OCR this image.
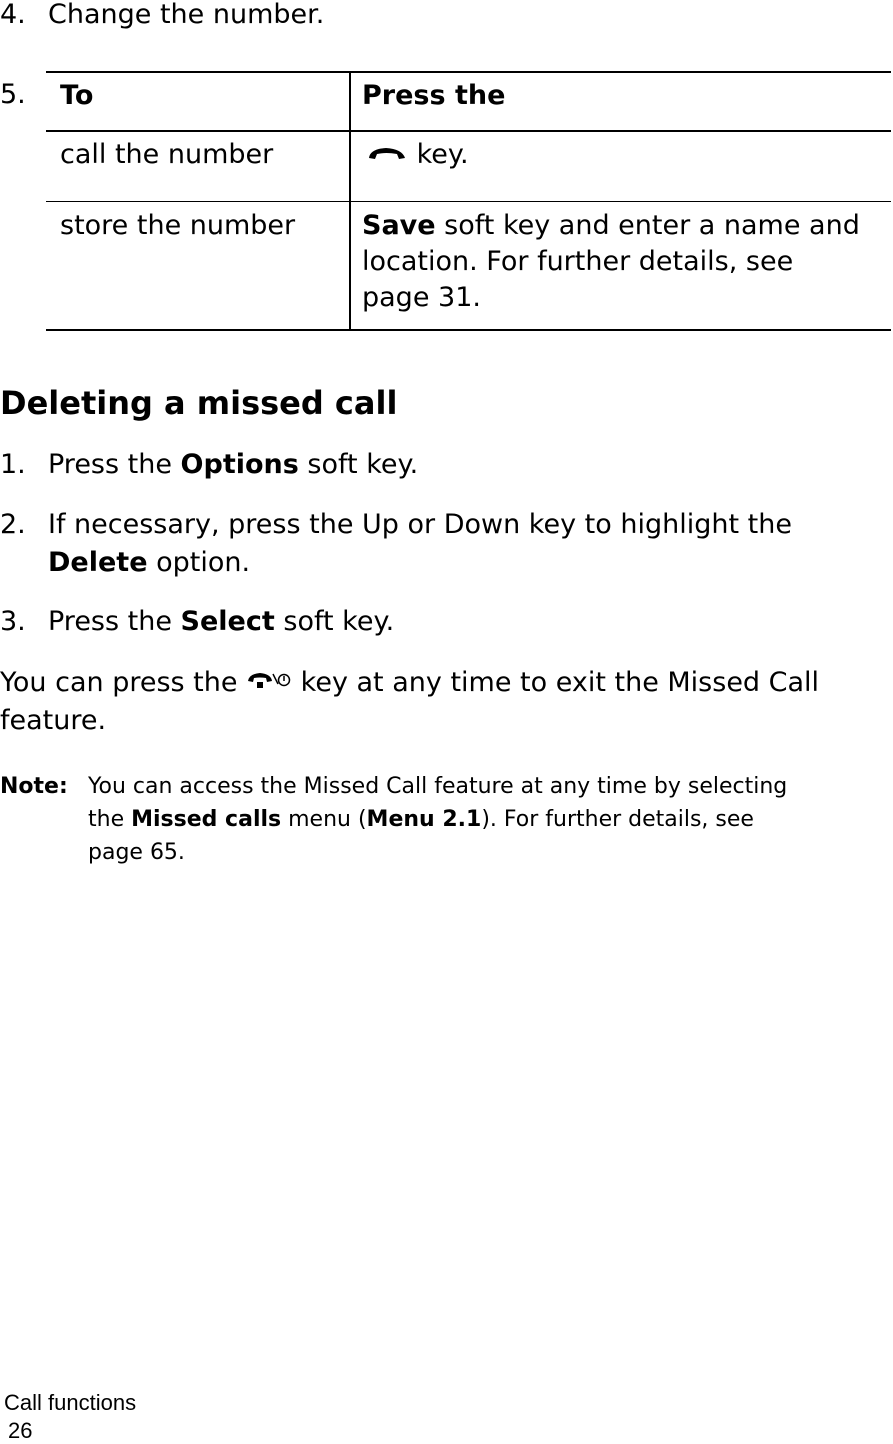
4. Change the number.
5. To	Press the
call the number	key.
store the number Save soft key and enter a name and
location. For further details, see
page 31.
Deleting a missed call
1. Press the Options soft key.
2. If necessary, press the Up or Down key to highlight the
Delete option.
3. Press the Select soft key.
You can press the  key at any time to exit the Missed Call
feature.
Note: You can access the Missed Call feature at any time by selecting
the Missed calls menu (Menu 2.1). For further details, see
page 65.
Call functions
26
